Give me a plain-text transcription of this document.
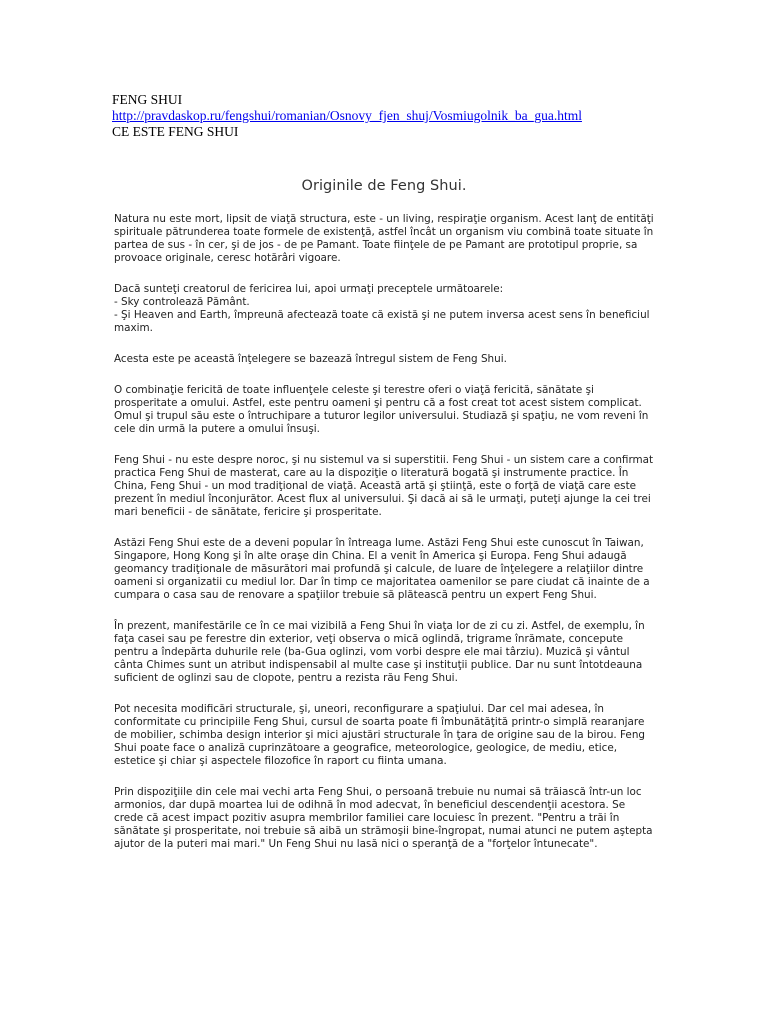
FENG SHUI
http://pravdaskop.ru/fengshui/romanian/Osnovy_fjen_shuj/Vosmiugolnik_ba_gua.html
CE ESTE FENG SHUI
Originile de Feng Shui.

Natura nu este mort, lipsit de viaţă structura, este - un living, respiraţie organism. Acest lanţ de entităţi spirituale pătrunderea toate formele de existenţă, astfel încât un organism viu combină toate situate în partea de sus - în cer, şi de jos - de pe Pamant. Toate fiinţele de pe Pamant are prototipul proprie, sa provoace originale, ceresc hotărâri vigoare.

Dacă sunteţi creatorul de fericirea lui, apoi urmaţi preceptele următoarele:
- Sky controlează Pământ.
- Şi Heaven and Earth, împreună afectează toate că există şi ne putem inversa acest sens în beneficiul maxim.

Acesta este pe această înţelegere se bazează întregul sistem de Feng Shui.

O combinaţie fericită de toate influenţele celeste şi terestre oferi o viaţă fericită, sănătate şi prosperitate a omului. Astfel, este pentru oameni şi pentru că a fost creat tot acest sistem complicat. Omul şi trupul său este o întruchipare a tuturor legilor universului. Studiază şi spaţiu, ne vom reveni în cele din urmă la putere a omului însuşi.

Feng Shui - nu este despre noroc, şi nu sistemul va si superstitii. Feng Shui - un sistem care a confirmat practica Feng Shui de masterat, care au la dispoziţie o literatură bogată şi instrumente practice. În China, Feng Shui - un mod tradiţional de viaţă. Această artă şi ştiinţă, este o forţă de viaţă care este prezent în mediul înconjurător. Acest flux al universului. Şi dacă ai să le urmaţi, puteţi ajunge la cei trei mari beneficii - de sănătate, fericire şi prosperitate.

Astăzi Feng Shui este de a deveni popular în întreaga lume. Astăzi Feng Shui este cunoscut în Taiwan, Singapore, Hong Kong şi în alte oraşe din China. El a venit în America şi Europa. Feng Shui adaugă geomancy tradiţionale de măsurători mai profundă şi calcule, de luare de înţelegere a relaţiilor dintre oameni si organizatii cu mediul lor. Dar în timp ce majoritatea oamenilor se pare ciudat că inainte de a cumpara o casa sau de renovare a spaţiilor trebuie să plătească pentru un expert Feng Shui.

În prezent, manifestările ce în ce mai vizibilă a Feng Shui în viaţa lor de zi cu zi. Astfel, de exemplu, în faţa casei sau pe ferestre din exterior, veţi observa o mică oglindă, trigrame înrămate, concepute pentru a îndepărta duhurile rele (ba-Gua oglinzi, vom vorbi despre ele mai târziu). Muzică şi vântul cânta Chimes sunt un atribut indispensabil al multe case şi instituţii publice. Dar nu sunt întotdeauna suficient de oglinzi sau de clopote, pentru a rezista rău Feng Shui.

Pot necesita modificări structurale, şi, uneori, reconfigurare a spaţiului. Dar cel mai adesea, în conformitate cu principiile Feng Shui, cursul de soarta poate fi îmbunătăţită printr-o simplă rearanjare de mobilier, schimba design interior şi mici ajustări structurale în ţara de origine sau de la birou. Feng Shui poate face o analiză cuprinzătoare a geografice, meteorologice, geologice, de mediu, etice, estetice şi chiar şi aspectele filozofice în raport cu fiinta umana.

Prin dispoziţiile din cele mai vechi arta Feng Shui, o persoană trebuie nu numai să trăiască într-un loc armonios, dar după moartea lui de odihnă în mod adecvat, în beneficiul descendenţii acestora. Se crede că acest impact pozitiv asupra membrilor familiei care locuiesc în prezent. "Pentru a trăi în sănătate şi prosperitate, noi trebuie să aibă un strămoşii bine-îngropat, numai atunci ne putem aştepta ajutor de la puteri mai mari." Un Feng Shui nu lasă nici o speranţă de a "forţelor întunecate".
